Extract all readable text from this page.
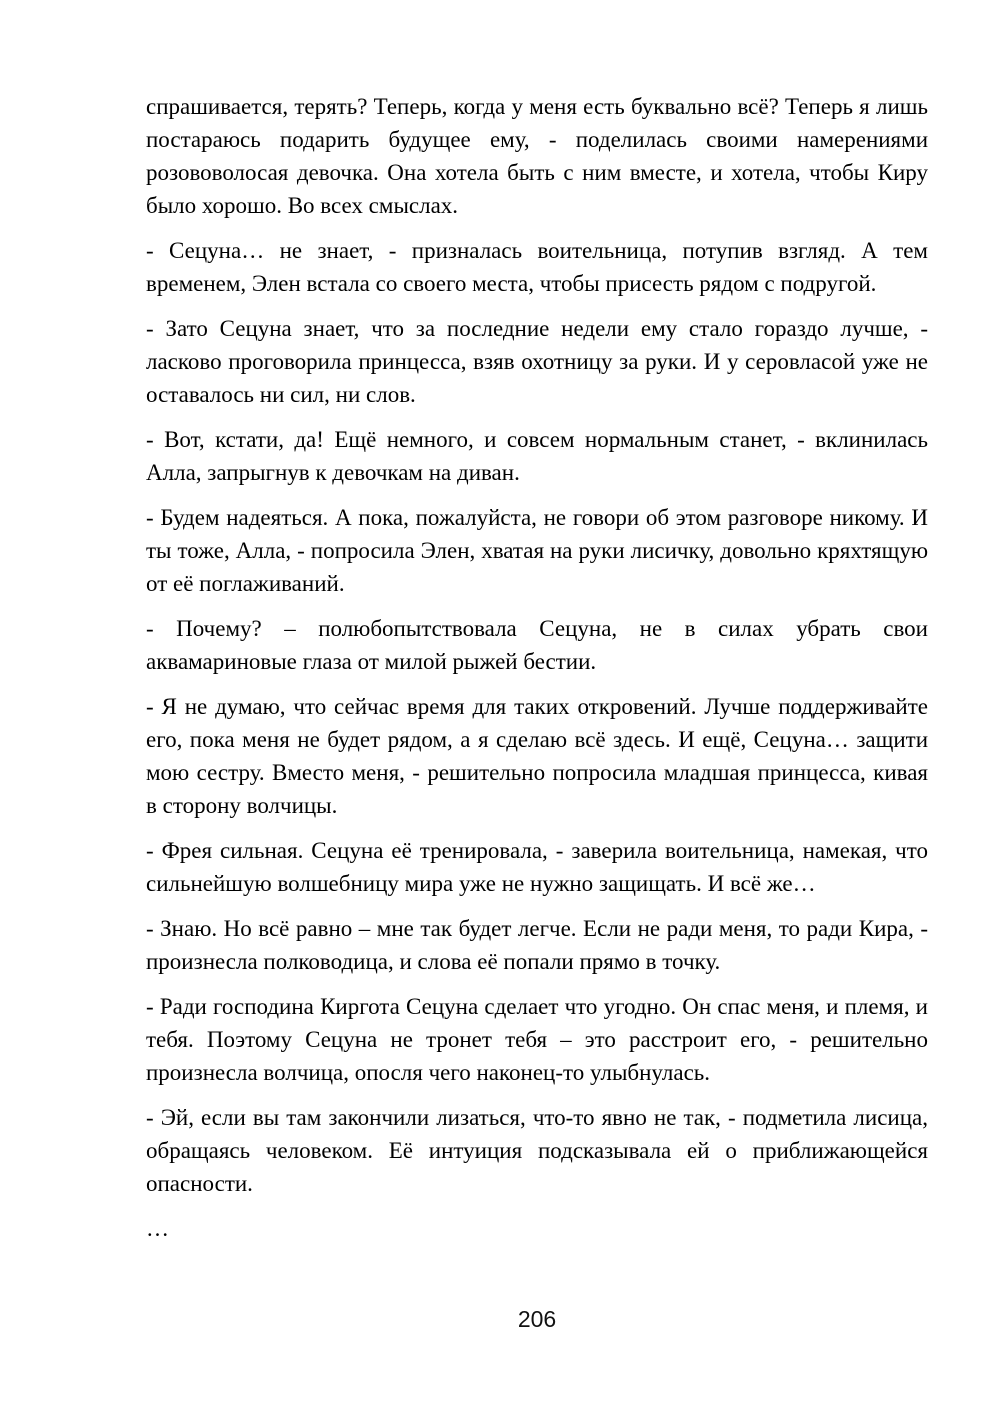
спрашивается, терять? Теперь, когда у меня есть буквально всё? Теперь я лишь постараюсь подарить будущее ему, - поделилась своими намерениями розововолосая девочка. Она хотела быть с ним вместе, и хотела, чтобы Киру было хорошо. Во всех смыслах.

- Сецуна… не знает, - призналась воительница, потупив взгляд. А тем временем, Элен встала со своего места, чтобы присесть рядом с подругой.

- Зато Сецуна знает, что за последние недели ему стало гораздо лучше, - ласково проговорила принцесса, взяв охотницу за руки. И у серовласой уже не оставалось ни сил, ни слов.

- Вот, кстати, да! Ещё немного, и совсем нормальным станет, - вклинилась Алла, запрыгнув к девочкам на диван.

- Будем надеяться. А пока, пожалуйста, не говори об этом разговоре никому. И ты тоже, Алла, - попросила Элен, хватая на руки лисичку, довольно кряхтящую от её поглаживаний.

- Почему? – полюбопытствовала Сецуна, не в силах убрать свои аквамариновые глаза от милой рыжей бестии.

- Я не думаю, что сейчас время для таких откровений. Лучше поддерживайте его, пока меня не будет рядом, а я сделаю всё здесь. И ещё, Сецуна… защити мою сестру. Вместо меня, - решительно попросила младшая принцесса, кивая в сторону волчицы.

- Фрея сильная. Сецуна её тренировала, - заверила воительница, намекая, что сильнейшую волшебницу мира уже не нужно защищать. И всё же…

- Знаю. Но всё равно – мне так будет легче. Если не ради меня, то ради Кира, - произнесла полководица, и слова её попали прямо в точку.

- Ради господина Киргота Сецуна сделает что угодно. Он спас меня, и племя, и тебя. Поэтому Сецуна не тронет тебя – это расстроит его, - решительно произнесла волчица, опосля чего наконец-то улыбнулась.

- Эй, если вы там закончили лизаться, что-то явно не так, - подметила лисица, обращаясь человеком. Её интуиция подсказывала ей о приближающейся опасности.

…

206
